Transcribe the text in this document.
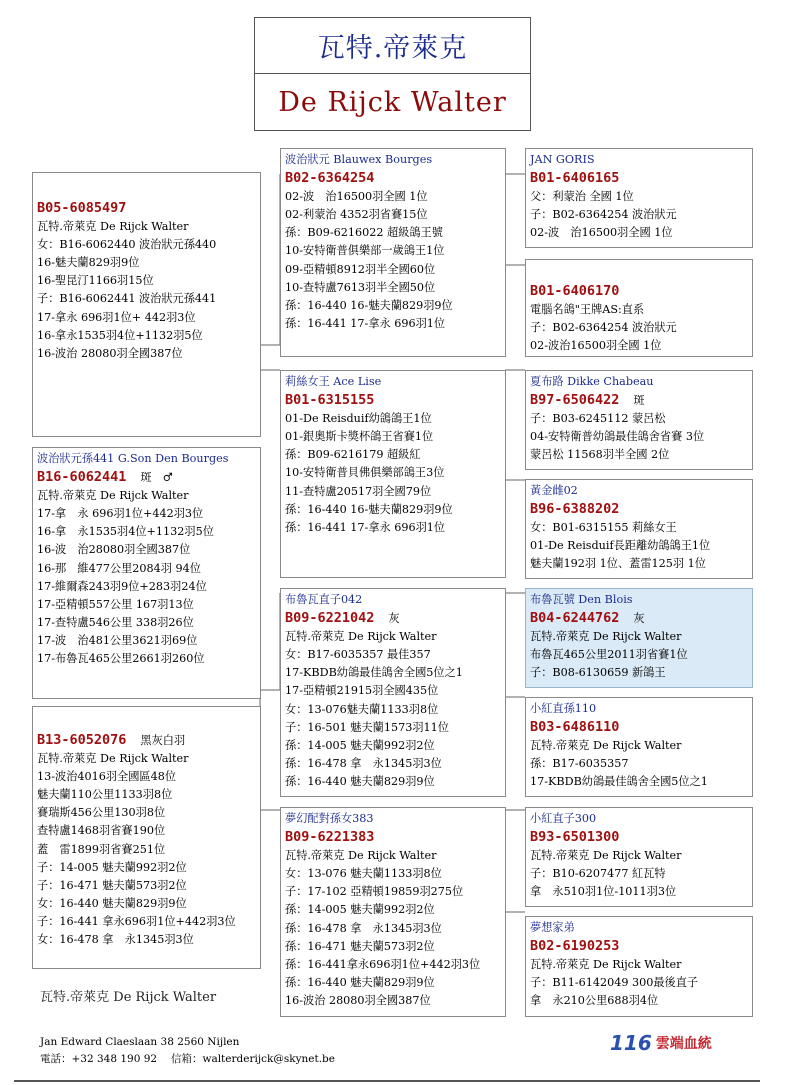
瓦特.帝萊克
De Rijck Walter
B05-6085497
瓦特.帝萊克 De Rijck Walter
女：B16-6062440 波治狀元孫440
16-魅夫蘭829羽9位
16-聖昆汀1166羽15位
子：B16-6062441 波治狀元孫441
17-拿永 696羽1位+ 442羽3位
16-拿永1535羽4位+1132羽5位
16-波治 28080羽全國387位
波治狀元孫441 G.Son Den Bourges
B16-6062441 斑　♂
瓦特.帝萊克 De Rijck Walter
17-拿　永 696羽1位+442羽3位
16-拿　永1535羽4位+1132羽5位
16-波　治28080羽全國387位
16-那　維477公里2084羽 94位
17-維爾森243羽9位+283羽24位
17-亞精頓557公里 167羽13位
17-查特盧546公里 338羽26位
17-波　治481公里3621羽69位
17-布魯瓦465公里2661羽260位
B13-6052076 黑灰白羽
瓦特.帝萊克 De Rijck Walter
13-波治4016羽全國區48位
魅夫蘭110公里1133羽8位
賽瑞斯456公里130羽8位
查特盧1468羽省賽190位
蓋　雷1899羽省賽251位
子：14-005 魅夫蘭992羽2位
子：16-471 魅夫蘭573羽2位
女：16-440 魅夫蘭829羽9位
子：16-441 拿永696羽1位+442羽3位
女：16-478 拿　永1345羽3位
波治狀元 Blauwex Bourges
B02-6364254
02-波　治16500羽全國 1位
02-利蒙治 4352羽省賽15位
孫：B09-6216022 超級鴿王號
10-安特衛普俱樂部一歲鴿王1位
09-亞精頓8912羽半全國60位
10-查特盧7613羽半全國50位
孫：16-440 16-魅夫蘭829羽9位
孫：16-441 17-拿永 696羽1位
莉絲女王 Ace Lise
B01-6315155
01-De Reisduif幼鴿鴿王1位
01-銀奧斯卡獎杯鴿王省賽1位
孫：B09-6216179 超級紅
10-安特衛普貝佛俱樂部鴿王3位
11-查特盧20517羽全國79位
孫：16-440 16-魅夫蘭829羽9位
孫：16-441 17-拿永 696羽1位
布魯瓦直子042
B09-6221042 灰
瓦特.帝萊克 De Rijck Walter
女：B17-6035357 最佳357
17-KBDB幼鴿最佳鴿舍全國5位之1
17-亞精頓21915羽全國435位
女：13-076魅夫蘭1133羽8位
子：16-501 魅夫蘭1573羽11位
孫：14-005 魅夫蘭992羽2位
孫：16-478 拿　永1345羽3位
孫：16-440 魅夫蘭829羽9位
夢幻配對孫女383
B09-6221383
瓦特.帝萊克 De Rijck Walter
女：13-076 魅夫蘭1133羽8位
子：17-102 亞精頓19859羽275位
孫：14-005 魅夫蘭992羽2位
孫：16-478 拿　永1345羽3位
孫：16-471 魅夫蘭573羽2位
孫：16-441拿永696羽1位+442羽3位
孫：16-440 魅夫蘭829羽9位
16-波治 28080羽全國387位
JAN GORIS
B01-6406165
父：利蒙治 全國 1位
子：B02-6364254 波治狀元
02-波　治16500羽全國 1位
B01-6406170
電腦名鴿"王牌AS:直系
子：B02-6364254 波治狀元
02-波治16500羽全國 1位
夏布路 Dikke Chabeau
B97-6506422 斑
子：B03-6245112 蒙呂松
04-安特衛普幼鴿最佳鴿舍省賽 3位
蒙呂松 11568羽半全國 2位
黃金雌02
B96-6388202
女：B01-6315155 莉絲女王
01-De Reisduif長距離幼鴿鴿王1位
魅夫蘭192羽 1位、蓋雷125羽 1位
布魯瓦號 Den Blois
B04-6244762 灰
瓦特.帝萊克 De Rijck Walter
布魯瓦465公里2011羽省賽1位
子：B08-6130659 新鴿王
小紅直孫110
B03-6486110
瓦特.帝萊克 De Rijck Walter
孫：B17-6035357
17-KBDB幼鴿最佳鴿舍全國5位之1
小紅直子300
B93-6501300
瓦特.帝萊克 De Rijck Walter
子：B10-6207477 紅瓦特
拿　永510羽1位-1011羽3位
夢想家弟
B02-6190253
瓦特.帝萊克 De Rijck Walter
子：B11-6142049 300最後直子
拿　永210公里688羽4位
瓦特.帝萊克 De Rijck Walter
Jan Edward Claeslaan 38 2560 Nijlen
電話：+32 348 190 92　 信箱：walterderijck@skynet.be
116 雲端血統
